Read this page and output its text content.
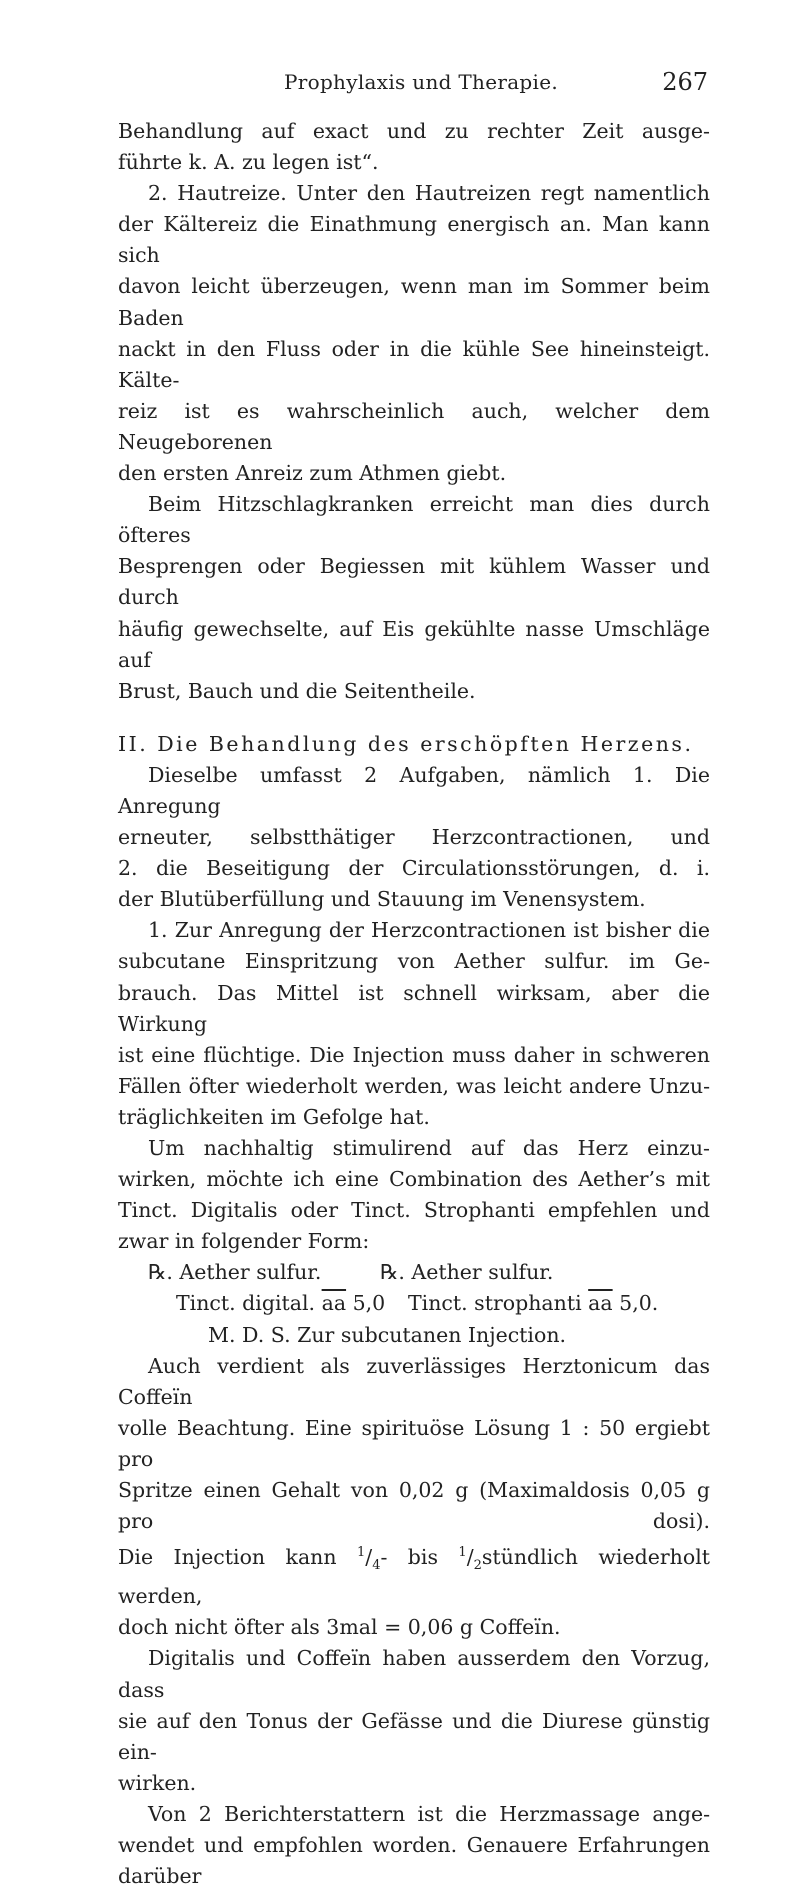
Prophylaxis und Therapie.	267

Behandlung auf exact und zu rechter Zeit ausge-

führte k. A. zu legen ist“.

2. Hautreize. Unter den Hautreizen regt namentlich

der Kältereiz die Einathmung energisch an. Man kann sich

davon leicht überzeugen, wenn man im Sommer beim Baden

nackt in den Fluss oder in die kühle See hineinsteigt. Kälte-

reiz ist es wahrscheinlich auch, welcher dem Neugeborenen

den ersten Anreiz zum Athmen giebt.

Beim Hitzschlagkranken erreicht man dies durch öfteres

Besprengen oder Begiessen mit kühlem Wasser und durch

häufig gewechselte, auf Eis gekühlte nasse Umschläge auf

Brust, Bauch und die Seitentheile.

II. Die Behandlung des erschöpften Herzens.

Dieselbe umfasst 2 Aufgaben, nämlich 1. Die Anregung

erneuter, selbstthätiger Herzcontractionen, und

2. die Beseitigung der Circulationsstörungen, d. i.

der Blutüberfüllung und Stauung im Venensystem.

1. Zur Anregung der Herzcontractionen ist bisher die

subcutane Einspritzung von Aether sulfur. im Ge-

brauch. Das Mittel ist schnell wirksam, aber die Wirkung

ist eine flüchtige. Die Injection muss daher in schweren

Fällen öfter wiederholt werden, was leicht andere Unzu-

träglichkeiten im Gefolge hat.

Um nachhaltig stimulirend auf das Herz einzu-

wirken, möchte ich eine Combination des Aether’s mit

Tinct. Digitalis oder Tinct. Strophanti empfehlen und

zwar in folgender Form:

℞. Aether sulfur.	℞. Aether sulfur.
Tinct. digital. $\overline{aa}$ 5,0	Tinct. strophanti $\overline{aa}$ 5,0.
M. D. S. Zur subcutanen Injection.

Auch verdient als zuverlässiges Herztonicum das Coffeïn

volle Beachtung. Eine spirituöse Lösung 1 : 50 ergiebt pro

Spritze einen Gehalt von 0,02 g (Maximaldosis 0,05 g pro dosi).

Die Injection kann $^1/_4-$ bis $^1/_2stündlich$ wiederholt werden,

doch nicht öfter als 3mal = 0,06 g Coffeïn.

Digitalis und Coffeïn haben ausserdem den Vorzug, dass

sie auf den Tonus der Gefässe und die Diurese günstig ein-

wirken.

Von 2 Berichterstattern ist die Herzmassage ange-

wendet und empfohlen worden. Genauere Erfahrungen darüber
